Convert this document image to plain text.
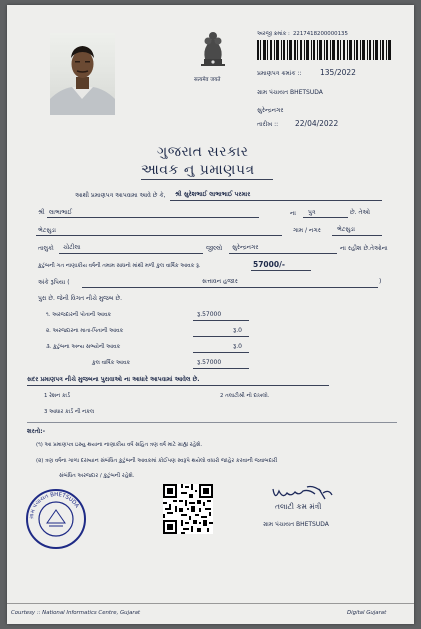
सत्यमेव जयते
અરજી ક્રમાંક : 2217418200000135
પ્રમાણપત્ર ક્રમાંક :: 135/2022
ગ્રામ પંચાયત BHETSUDA
સુરેન્દ્રનગર
તારીખ :: 22/04/2022
ગુજરાત સરકાર
આવક નુ પ્રમાણપત્ર
આથી પ્રમાણપત્ર આપવામા આવે છે કે, શ્રી સુરેશભાઈ લાભાભાઈ પરમાર
શ્રી લાભાભાઈ	ના પુત્ર	છે. તેઓ
ભેટસુડા	ગામ / નગર	ભેટસુડા
તાલુકો ચોટીલા	જીલ્લો સુરેન્દ્રનગર	ના રહીશ છે.તેઓના
કુટુંબની ગત નાણાકીય વર્ષની તમામ સાધનો માંથી મળી કુલ વાર્ષિક આવક રૂ.	57000/-
અંકે રૂપિયા (	સત્તાવન હજાર	)
પુરા છે. જેની વિગત નીચે મુજબ છે.
૧. અરજદારની પોતાની આવક	રૂ.57000
૨. અરજદારના માતા-પિતાની આવક	રૂ.0
૩. કુટુંબના અન્ય સભ્યોની આવક	રૂ.0
કુલ વાર્ષિક આવક	રૂ.57000
સદર પ્રમાણપત્ર નીચે મુજબના પુરાવાઓ ના આધારે આપવામાં આવેલ છે.
1 રેશન કાર્ડ	2 તલાટીશ્રી નો દાખલો.
3 આધાર કાર્ડ ની નકલ
શરતો:-
(૧) આ પ્રમાણપત્ર ઇસ્યુ થયાના નાણાકીય વર્ષ સહિત ત્રણ વર્ષ માટે ગ્રાહ્ય રહેશે.
(૨) ત્રણ વર્ષના ગાળા દરમ્યાન સંબંધિત કુટુંબની આવકમાં કોઈપણ સ્વરૂપે થયેલો વધારો જાહેર કરવાની જવાબદારી
સંબંધિત અરજદાર / કુટુંબની રહેશે.
ગ્રામ પંચાયત BHETSUDA	તલાટી કમ મંત્રી
ગ્રામ પંચાયત BHETSUDA
Courtesy :: National Informatics Centre, Gujarat	Digital Gujarat
